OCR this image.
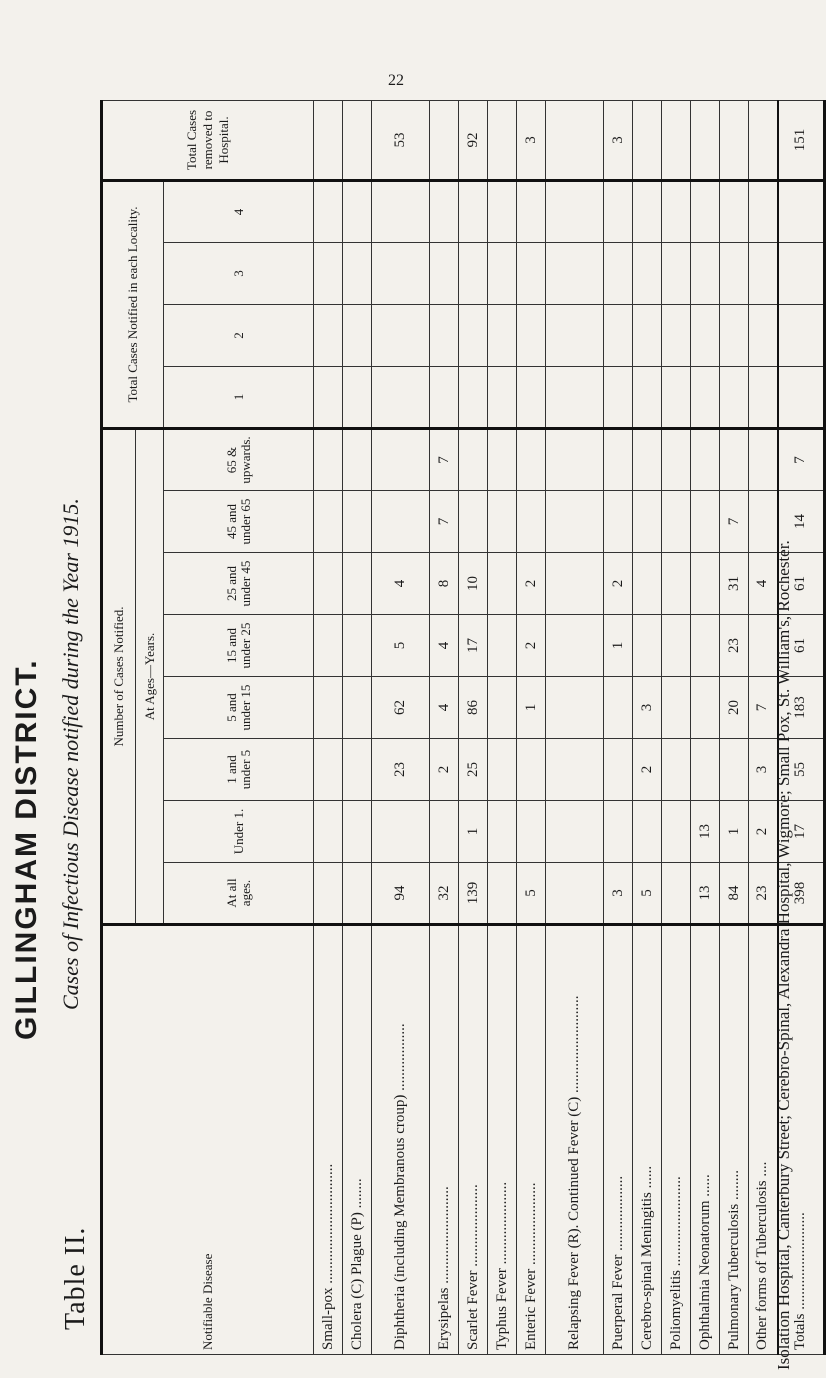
22
Table II.
GILLINGHAM DISTRICT. Cases of Infectious Disease notified during the Year 1915.
Notifiable Disease	Number of Cases Notified.								Total Cases Notified in each Locality.				Total Cases removed to Hospital.
	At Ages—Years.												
	At all ages.	Under 1.	1 and under 5	5 and under 15	15 and under 25	25 and under 45	45 and under 65	65 & upwards.	1	2	3	4	
Small-pox ................................													
Cholera (C) Plague (P) ........													
Diphtheria (including Membranous croup) ..................	94		23	62	5	4							53
Erysipelas ..........................	32		2	4	4	8	7	7					
Scarlet Fever ......................	139	1	25	86	17	10							92
Typhus Fever ......................													
Enteric Fever ......................	5			1	2	2							3
Relapsing Fever (R). Continued Fever (C) ..........................													
Puerperal Fever ....................	3				1	2							3
Cerebro-spinal Meningitis ......	5		2	3									
Poliomyelitis ........................													
Ophthalmia Neonatorum ......	13	13											
Pulmonary Tuberculosis ........	84	1		20	23	31	7						
Other forms of Tuberculosis ....	23	2	3	7		4							
Totals ..........................	398	17	55	183	61	61	14	7					151
Isolation Hospital, Canterbury Street; Cerebro-Spinal, Alexandra Hospital, Wigmore; Small Pox, St. William's, Rochester.
